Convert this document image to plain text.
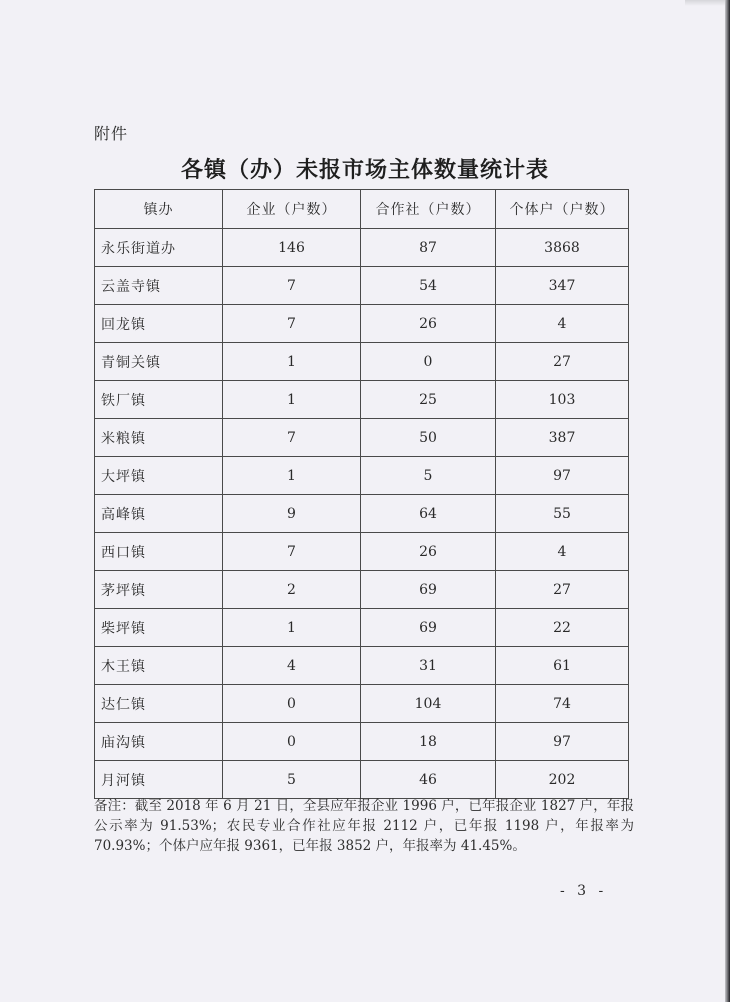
附件
各镇（办）未报市场主体数量统计表
镇办	企业（户数）	合作社（户数）	个体户（户数）
永乐街道办	146	87	3868
云盖寺镇	7	54	347
回龙镇	7	26	4
青铜关镇	1	0	27
铁厂镇	1	25	103
米粮镇	7	50	387
大坪镇	1	5	97
高峰镇	9	64	55
西口镇	7	26	4
茅坪镇	2	69	27
柴坪镇	1	69	22
木王镇	4	31	61
达仁镇	0	104	74
庙沟镇	0	18	97
月河镇	5	46	202
备注：截至 2018 年 6 月 21 日，全县应年报企业 1996 户，已年报企业 1827 户，年报公示率为 91.53%；农民专业合作社应年报 2112 户，已年报 1198 户，年报率为 70.93%；个体户应年报 9361，已年报 3852 户，年报率为 41.45%。
- 3 -
